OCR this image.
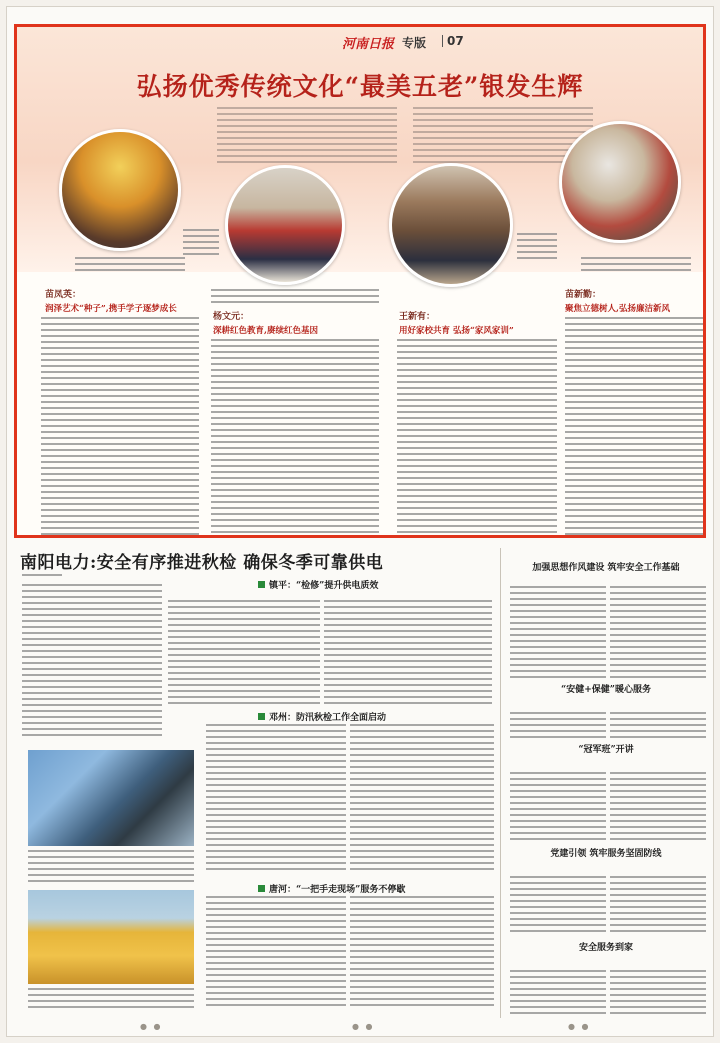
河南日报 专版 07
弘扬优秀传统文化“最美五老”银发生辉
苗凤英：
润泽艺术“种子”,携手学子逐梦成长
杨文元：
深耕红色教育,赓续红色基因
王新有：
用好家校共育 弘扬“家风家训”
苗新勤：
聚焦立德树人,弘扬廉洁新风
南阳电力:安全有序推进秋检 确保冬季可靠供电
镇平：“检修”提升供电质效
邓州：防汛秋检工作全面启动
唐河：“一把手走现场”服务不停歇
加强思想作风建设 筑牢安全工作基础
“安健+保健”暖心服务
“冠军班”开讲
党建引领 筑牢服务坚固防线
安全服务到家
● ●	● ●	● ●
